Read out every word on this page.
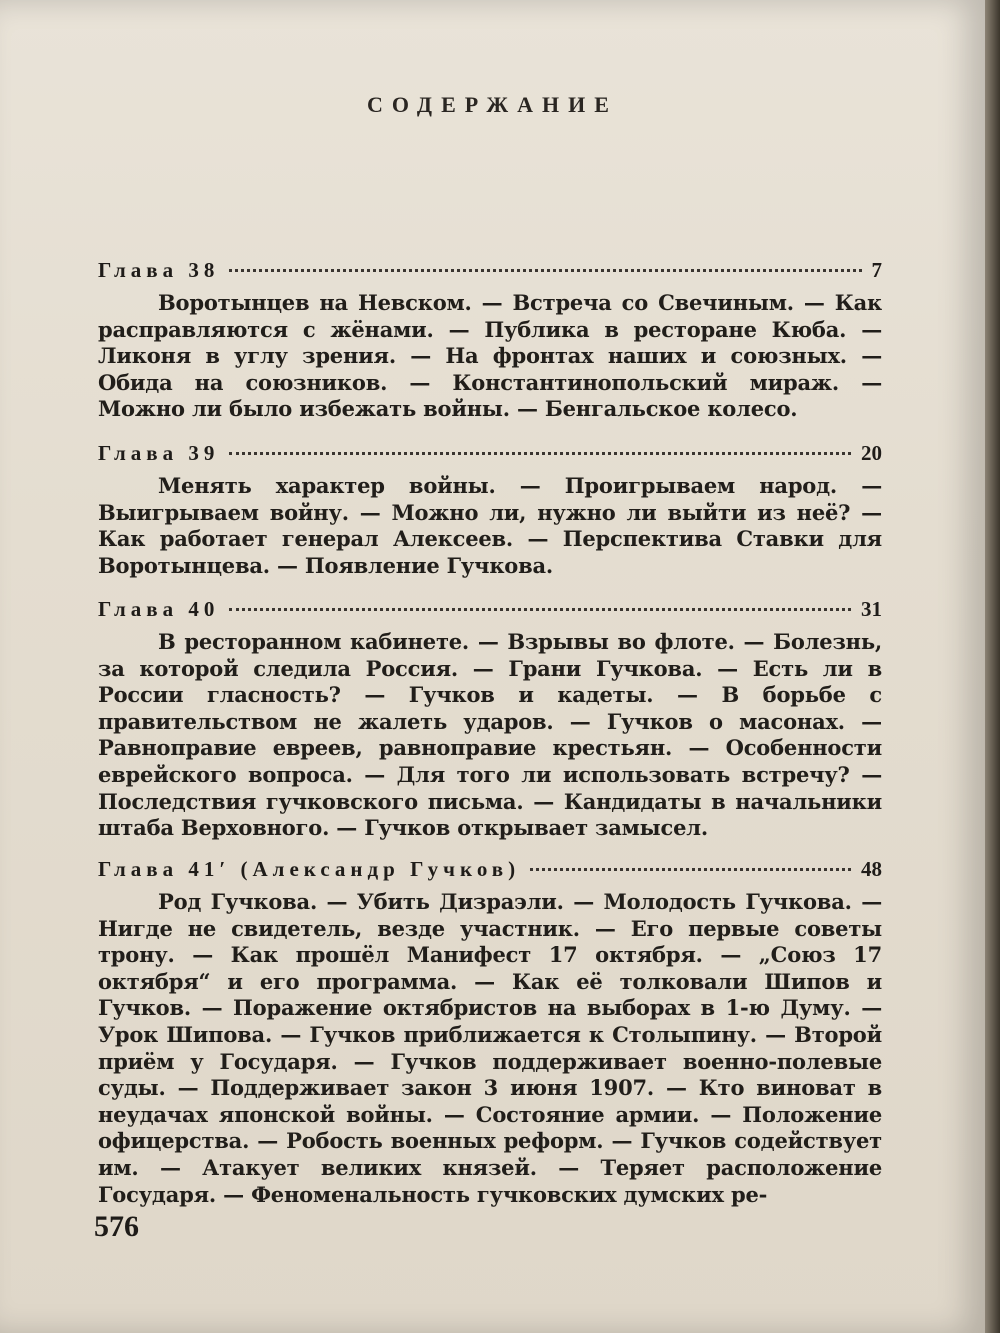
СОДЕРЖАНИЕ
Глава 38	7
Воротынцев на Невском. — Встреча со Свечиным. — Как расправляются с жёнами. — Публика в ресторане Кюба. — Ликоня в углу зрения. — На фронтах наших и союзных. — Обида на союзников. — Константинопольский мираж. — Можно ли было избежать войны. — Бенгальское колесо.
Глава 39	20
Менять характер войны. — Проигрываем народ. — Выигрываем войну. — Можно ли, нужно ли выйти из неё? — Как работает генерал Алексеев. — Перспектива Ставки для Воротынцева. — Появление Гучкова.
Глава 40	31
В ресторанном кабинете. — Взрывы во флоте. — Болезнь, за которой следила Россия. — Грани Гучкова. — Есть ли в России гласность? — Гучков и кадеты. — В борьбе с правительством не жалеть ударов. — Гучков о масонах. — Равноправие евреев, равноправие крестьян. — Особенности еврейского вопроса. — Для того ли использовать встречу? — Последствия гучковского письма. — Кандидаты в начальники штаба Верховного. — Гучков открывает замысел.
Глава 41′ (Александр Гучков)	48
Род Гучкова. — Убить Дизраэли. — Молодость Гучкова. — Нигде не свидетель, везде участник. — Его первые советы трону. — Как прошёл Манифест 17 октября. — „Союз 17 октября“ и его программа. — Как её толковали Шипов и Гучков. — Поражение октябристов на выборах в 1-ю Думу. — Урок Шипова. — Гучков приближается к Столыпину. — Второй приём у Государя. — Гучков поддерживает военно-полевые суды. — Поддерживает закон 3 июня 1907. — Кто виноват в неудачах японской войны. — Состояние армии. — Положение офицерства. — Робость военных реформ. — Гучков содействует им. — Атакует великих князей. — Теряет расположение Государя. — Феноменальность гучковских думских ре-
576
